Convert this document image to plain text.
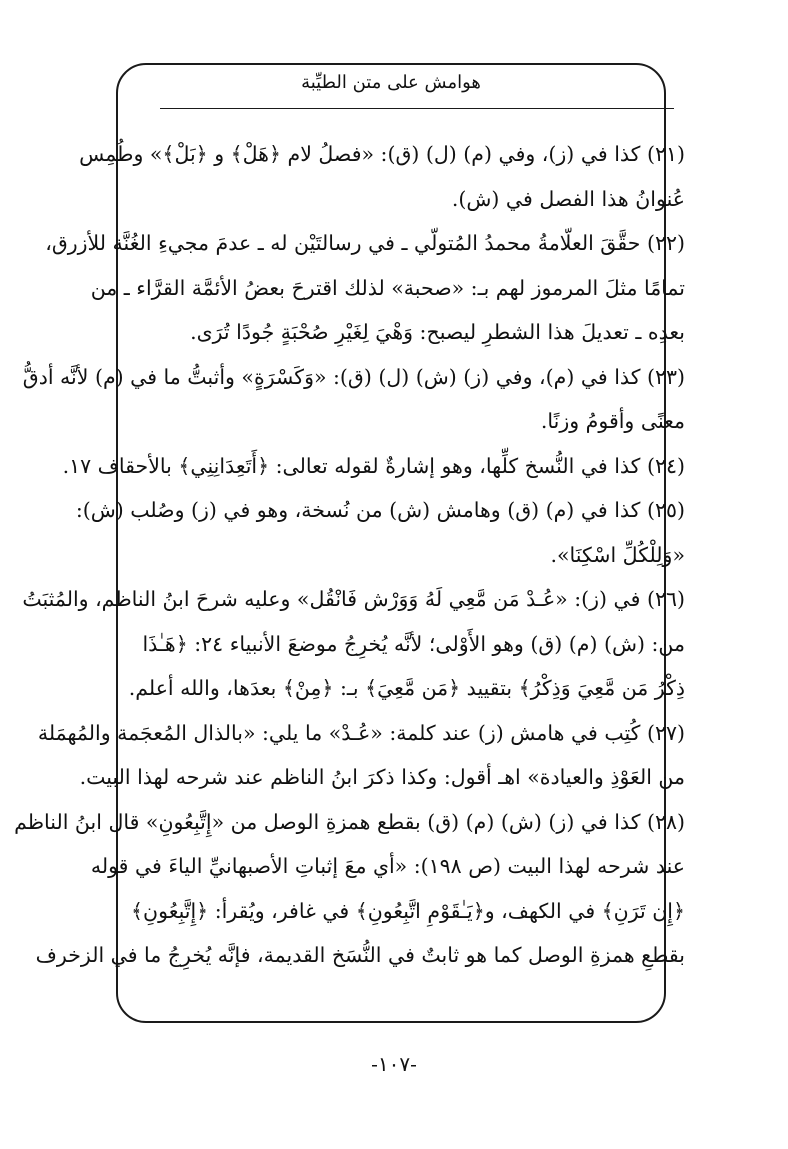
هوامش على متن الطيِّبة

(٢١) كذا في (ز)، وفي (م) (ل) (ق): «فصلُ لام ﴿هَلْ﴾ و ﴿بَلْ﴾» وطُمِس
عُنوانُ هذا الفصل في (ش).

(٢٢) حقَّقَ العلّامةُ محمدُ المُتولّي ـ في رسالتَيْن له ـ عدمَ مجيءِ الغُنَّة للأزرق،
تمامًا مثلَ المرموز لهم بـ: «صحبة» لذلك اقترحَ بعضُ الأئمَّة القرَّاء ـ من
بعدِه ـ تعديلَ هذا الشطرِ ليصبح: وَهْيَ لِغَيْرِ صُحْبَةٍ جُودًا تُرَى.

(٢٣) كذا في (م)، وفي (ز) (ش) (ل) (ق): «وَكَسْرَةٍ» وأثبتُّ ما في (م) لأنَّه أدقُّ
معنًى وأقومُ وزنًا.

(٢٤) كذا في النُّسخ كلِّها، وهو إشارةٌ لقوله تعالى: ﴿أَتَعِدَانِنِي﴾ بالأحقاف ١٧.

(٢٥) كذا في (م) (ق) وهامش (ش) من نُسخة، وهو في (ز) وصُلب (ش):
«وَلِلْكُلِّ اسْكِنَا».

(٢٦) في (ز): «عُـدْ مَن مَّعِي لَهُ وَوَرْش فَانْقُل» وعليه شرحَ ابنُ الناظم، والمُثبَتُ
من: (ش) (م) (ق) وهو الأَوْلى؛ لأنَّه يُخرِجُ موضعَ الأنبياء ٢٤: ﴿هَـٰذَا
ذِكْرُ مَن مَّعِيَ وَذِكْرُ﴾ بتقييد ﴿مَن مَّعِيَ﴾ بـ: ﴿مِنْ﴾ بعدَها، والله أعلم.

(٢٧) كُتِب في هامش (ز) عند كلمة: «عُـدْ» ما يلي: «بالذال المُعجَمة والمُهمَلة
من العَوْذِ والعيادة» اهـ أقول: وكذا ذكرَ ابنُ الناظم عند شرحه لهذا البيت.

(٢٨) كذا في (ز) (ش) (م) (ق) بقطع همزةِ الوصل من «إِتَّبِعُونِ» قال ابنُ الناظم
عند شرحه لهذا البيت (ص ١٩٨): «أي معَ إثباتِ الأصبهانيِّ الياءَ في قوله
﴿إِن تَرَنِ﴾ في الكهف، و﴿يَـٰقَوْمِ اتَّبِعُونِ﴾ في غافر، ويُقرأ: ﴿إِتَّبِعُونِ﴾
بقطعِ همزةِ الوصل كما هو ثابتٌ في النُّسَخ القديمة، فإنَّه يُخرِجُ ما في الزخرف

-١٠٧-
